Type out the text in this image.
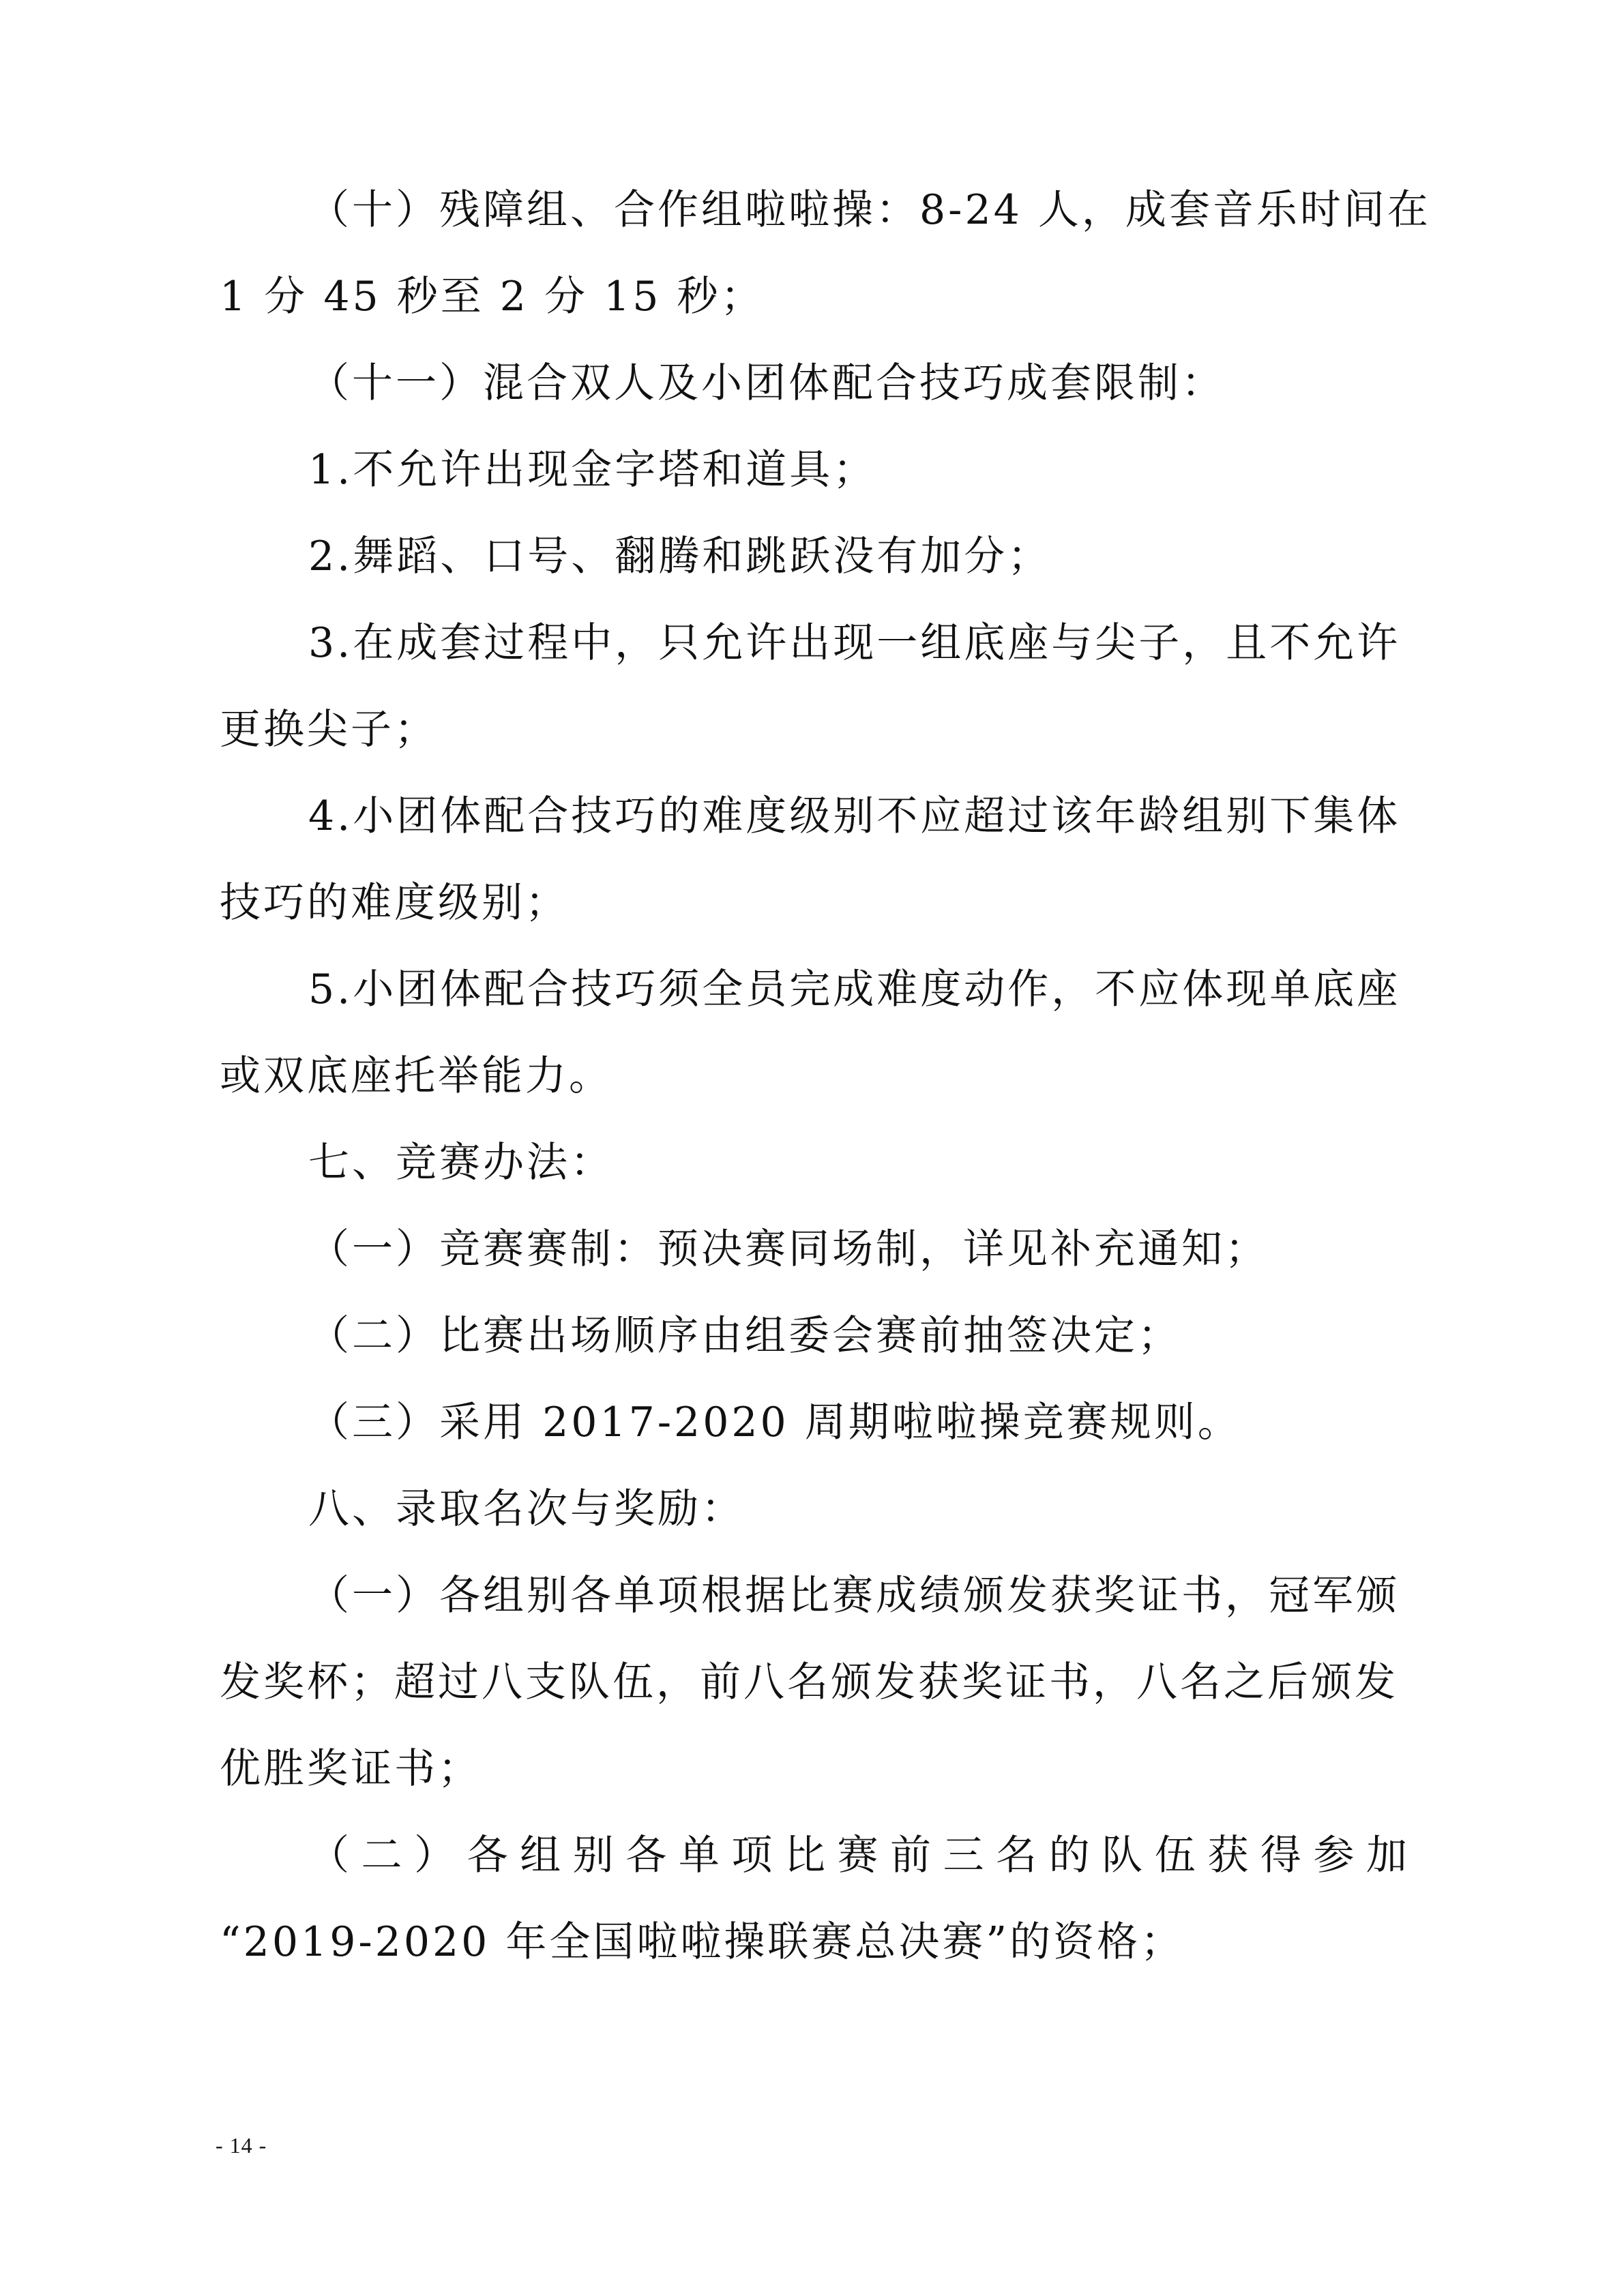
（十）残障组、合作组啦啦操：8-24 人，成套音乐时间在
1 分 45 秒至 2 分 15 秒；
（十一）混合双人及小团体配合技巧成套限制：
1.不允许出现金字塔和道具；
2.舞蹈、口号、翻腾和跳跃没有加分；
3.在成套过程中，只允许出现一组底座与尖子，且不允许
更换尖子；
4.小团体配合技巧的难度级别不应超过该年龄组别下集体
技巧的难度级别；
5.小团体配合技巧须全员完成难度动作，不应体现单底座
或双底座托举能力。
七、竞赛办法：
（一）竞赛赛制：预决赛同场制，详见补充通知；
（二）比赛出场顺序由组委会赛前抽签决定；
（三）采用 2017-2020 周期啦啦操竞赛规则。
八、录取名次与奖励：
（一）各组别各单项根据比赛成绩颁发获奖证书，冠军颁
发奖杯；超过八支队伍，前八名颁发获奖证书，八名之后颁发
优胜奖证书；
（二）各组别各单项比赛前三名的队伍获得参加
“2019-2020 年全国啦啦操联赛总决赛”的资格；
- 14 -
